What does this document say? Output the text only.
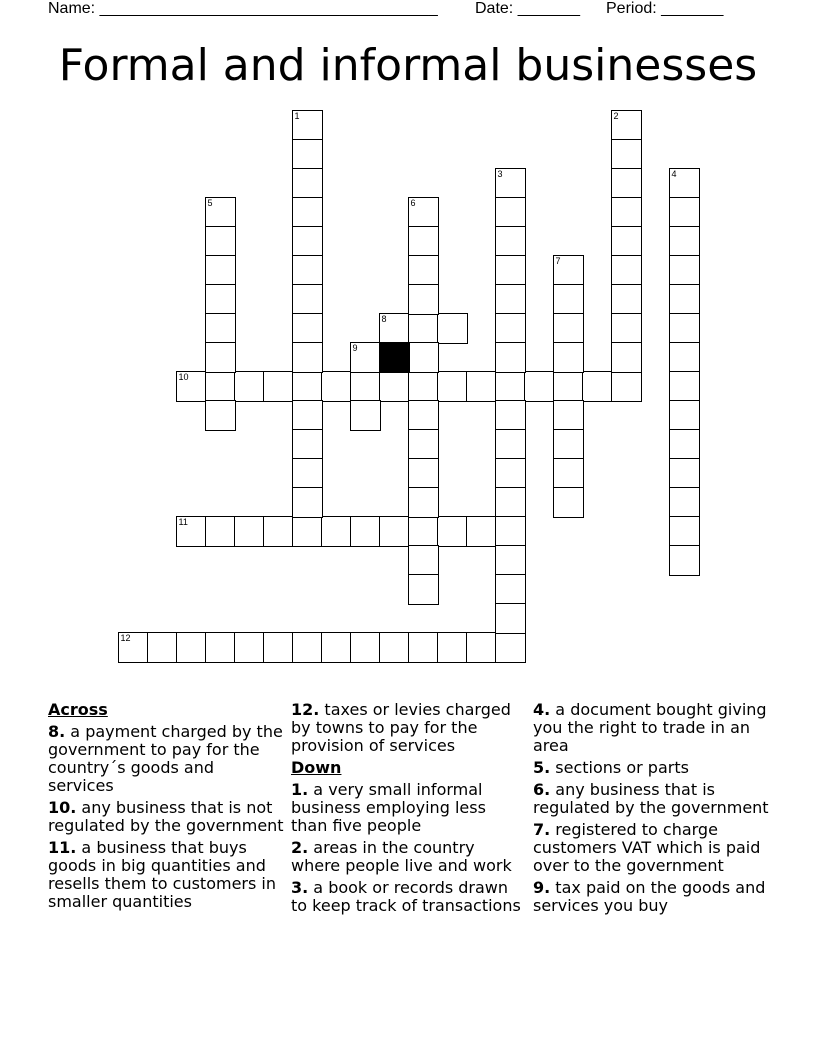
Name: ______________________________________ Date: _______ Period: _______
Formal and informal businesses
8
10
11
12
1	2
3	4
5	6
7
9
Across
8. a payment charged by the government to pay for the country´s goods and services
10. any business that is not regulated by the government
11. a business that buys goods in big quantities and resells them to customers in smaller quantities
12. taxes or levies charged by towns to pay for the provision of services
Down
1. a very small informal business employing less than five people
2. areas in the country where people live and work
3. a book or records drawn to keep track of transactions
4. a document bought giving you the right to trade in an area
5. sections or parts
6. any business that is regulated by the government
7. registered to charge customers VAT which is paid over to the government
9. tax paid on the goods and services you buy
